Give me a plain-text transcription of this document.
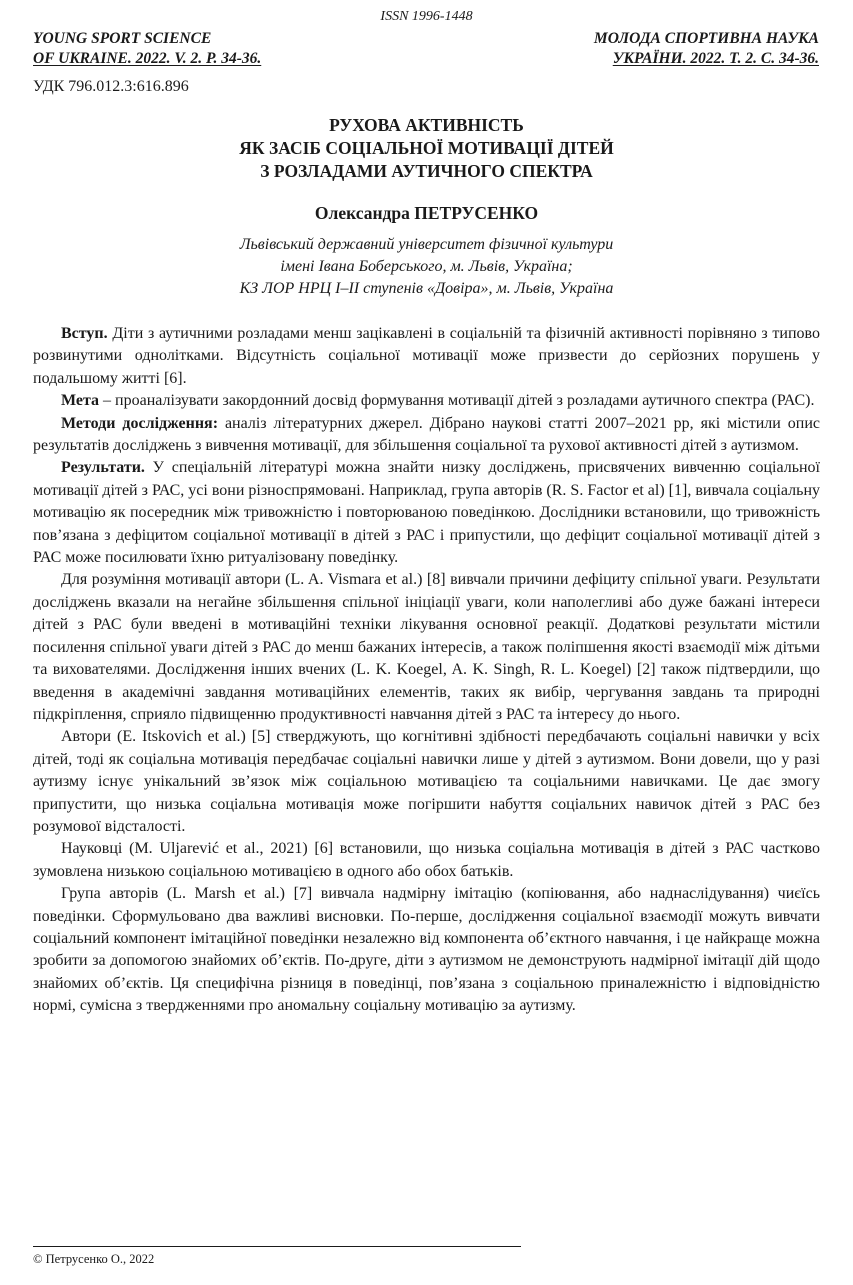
ISSN 1996-1448
YOUNG SPORT SCIENCE
OF UKRAINE. 2022. V. 2. P. 34-36.
МОЛОДА СПОРТИВНА НАУКА
УКРАЇНИ. 2022. Т. 2. С. 34-36.
УДК 796.012.3:616.896
РУХОВА АКТИВНІСТЬ
ЯК ЗАСІБ СОЦІАЛЬНОЇ МОТИВАЦІЇ ДІТЕЙ
З РОЗЛАДАМИ АУТИЧНОГО СПЕКТРА
Олександра ПЕТРУСЕНКО
Львівський державний університет фізичної культури
імені Івана Боберського, м. Львів, Україна;
КЗ ЛОР НРЦ І–ІІ ступенів «Довіра», м. Львів, Україна

Вступ. Діти з аутичними розладами менш зацікавлені в соціальній та фізичній активності порівняно з типово розвинутими однолітками. Відсутність соціальної мотивації може призвести до серйозних порушень у подальшому житті [6].

Мета – проаналізувати закордонний досвід формування мотивації дітей з розладами аутичного спектра (РАС).

Методи дослідження: аналіз літературних джерел. Дібрано наукові статті 2007–2021 рр, які містили опис результатів досліджень з вивчення мотивації, для збільшення соціальної та рухової активності дітей з аутизмом.

Результати. У спеціальній літературі можна знайти низку досліджень, присвячених вивченню соціальної мотивації дітей з РАС, усі вони різноспрямовані. Наприклад, група авторів (R. S. Factor et al) [1], вивчала соціальну мотивацію як посередник між тривожністю і повторюваною поведінкою. Дослідники встановили, що тривожність пов’язана з дефіцитом соціальної мотивації в дітей з РАС і припустили, що дефіцит соціальної мотивації дітей з РАС може посилювати їхню ритуалізовану поведінку.

Для розуміння мотивації автори (L. A. Vismara et al.) [8] вивчали причини дефіциту спільної уваги. Результати досліджень вказали на негайне збільшення спільної ініціації уваги, коли наполегливі або дуже бажані інтереси дітей з РАС були введені в мотиваційні техніки лікування основної реакції. Додаткові результати містили посилення спільної уваги дітей з РАС до менш бажаних інтересів, а також поліпшення якості взаємодії між дітьми та вихователями. Дослідження інших вчених (L. K. Koegel, A. K. Singh, R. L. Koegel) [2] також підтвердили, що введення в академічні завдання мотиваційних елементів, таких як вибір, чергування завдань та природні підкріплення, сприяло підвищенню продуктивності навчання дітей з РАС та інтересу до нього.

Автори (E. Itskovich et al.) [5] стверджують, що когнітивні здібності передбачають соціальні навички у всіх дітей, тоді як соціальна мотивація передбачає соціальні навички лише у дітей з аутизмом. Вони довели, що у разі аутизму існує унікальний зв’язок між соціальною мотивацією та соціальними навичками. Це дає змогу припустити, що низька соціальна мотивація може погіршити набуття соціальних навичок дітей з РАС без розумової відсталості.

Науковці (M. Uljarević et al., 2021) [6] встановили, що низька соціальна мотивація в дітей з РАС частково зумовлена низькою соціальною мотивацією в одного або обох батьків.

Група авторів (L. Marsh et al.) [7] вивчала надмірну імітацію (копіювання, або наднаслідування) чиєїсь поведінки. Сформульовано два важливі висновки. По-перше, дослідження соціальної взаємодії можуть вивчати соціальний компонент імітаційної поведінки незалежно від компонента об’єктного навчання, і це найкраще можна зробити за допомогою знайомих об’єктів. По-друге, діти з аутизмом не демонструють надмірної імітації дій щодо знайомих об’єктів. Ця специфічна різниця в поведінці, пов’язана з соціальною приналежністю і відповідністю нормі, сумісна з твердженнями про аномальну соціальну мотивацію за аутизму.

© Петрусенко О., 2022
